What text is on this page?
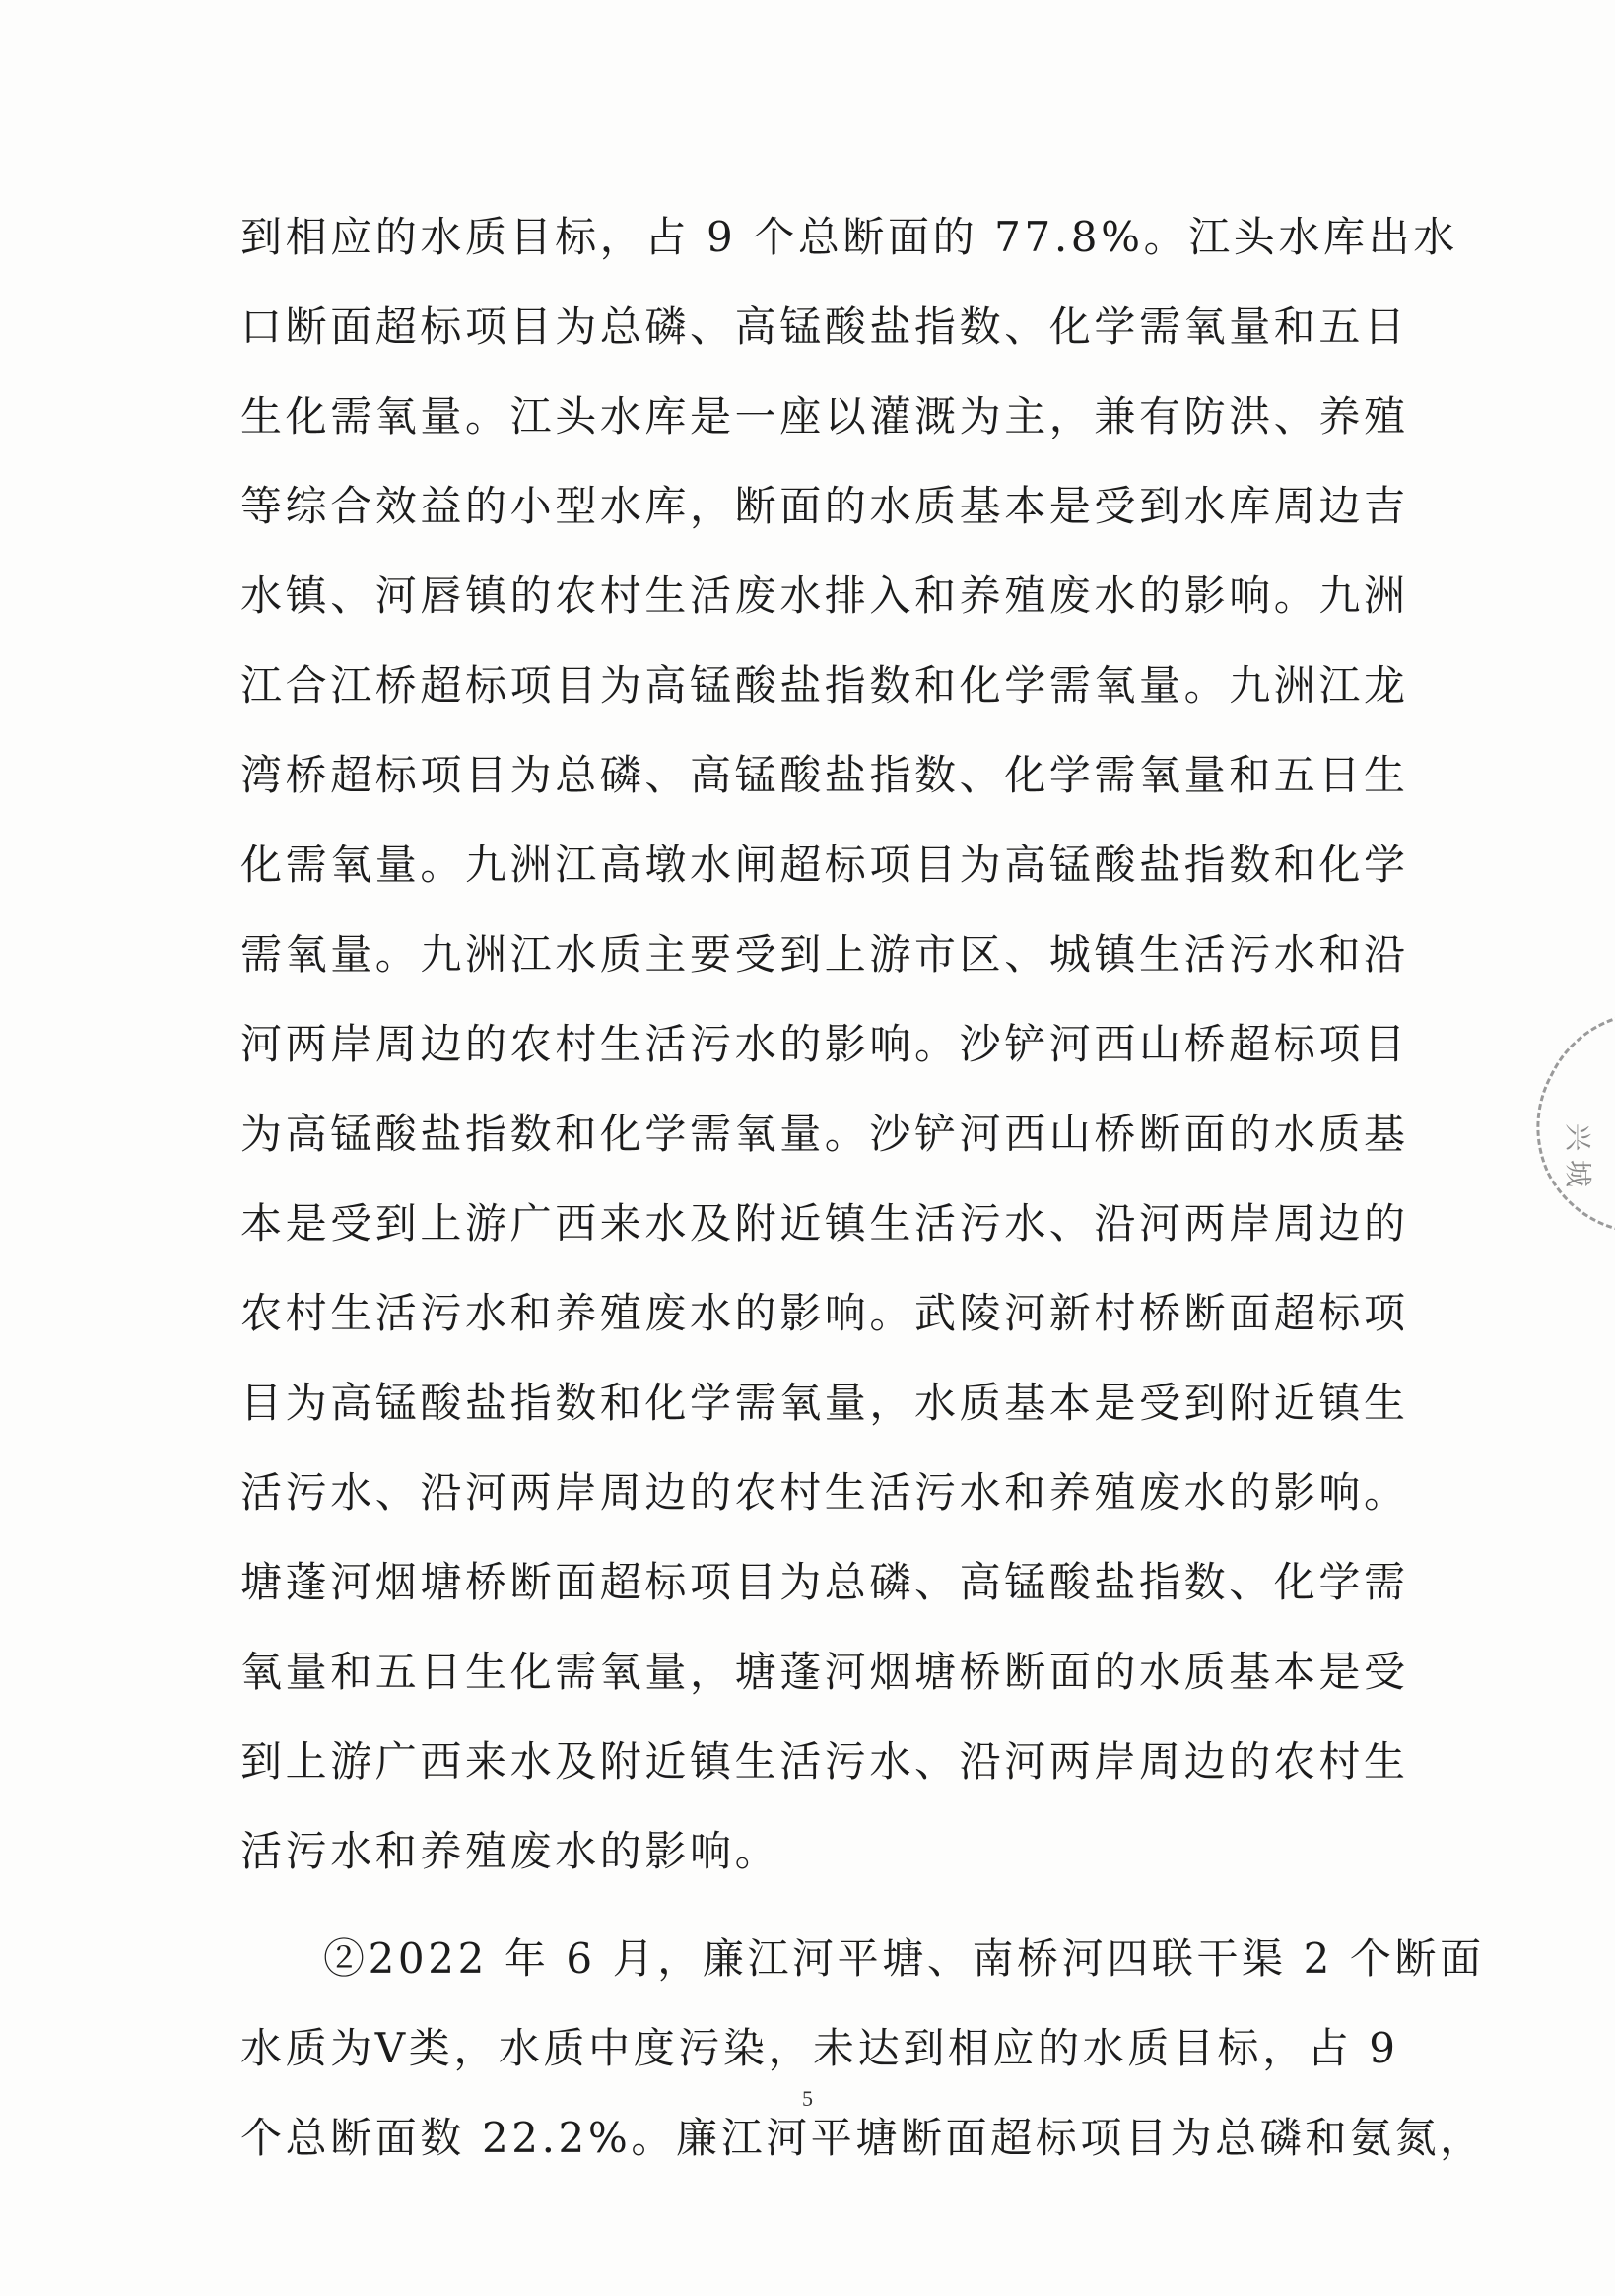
到相应的水质目标，占 9 个总断面的 77.8%。江头水库出水
口断面超标项目为总磷、高锰酸盐指数、化学需氧量和五日
生化需氧量。江头水库是一座以灌溉为主，兼有防洪、养殖
等综合效益的小型水库，断面的水质基本是受到水库周边吉
水镇、河唇镇的农村生活废水排入和养殖废水的影响。九洲
江合江桥超标项目为高锰酸盐指数和化学需氧量。九洲江龙
湾桥超标项目为总磷、高锰酸盐指数、化学需氧量和五日生
化需氧量。九洲江高墩水闸超标项目为高锰酸盐指数和化学
需氧量。九洲江水质主要受到上游市区、城镇生活污水和沿
河两岸周边的农村生活污水的影响。沙铲河西山桥超标项目
为高锰酸盐指数和化学需氧量。沙铲河西山桥断面的水质基
本是受到上游广西来水及附近镇生活污水、沿河两岸周边的
农村生活污水和养殖废水的影响。武陵河新村桥断面超标项
目为高锰酸盐指数和化学需氧量，水质基本是受到附近镇生
活污水、沿河两岸周边的农村生活污水和养殖废水的影响。
塘蓬河烟塘桥断面超标项目为总磷、高锰酸盐指数、化学需
氧量和五日生化需氧量，塘蓬河烟塘桥断面的水质基本是受
到上游广西来水及附近镇生活污水、沿河两岸周边的农村生
活污水和养殖废水的影响。
②2022 年 6 月，廉江河平塘、南桥河四联干渠 2 个断面
水质为Ⅴ类，水质中度污染，未达到相应的水质目标，占 9
个总断面数 22.2%。廉江河平塘断面超标项目为总磷和氨氮，
5
兴 城
